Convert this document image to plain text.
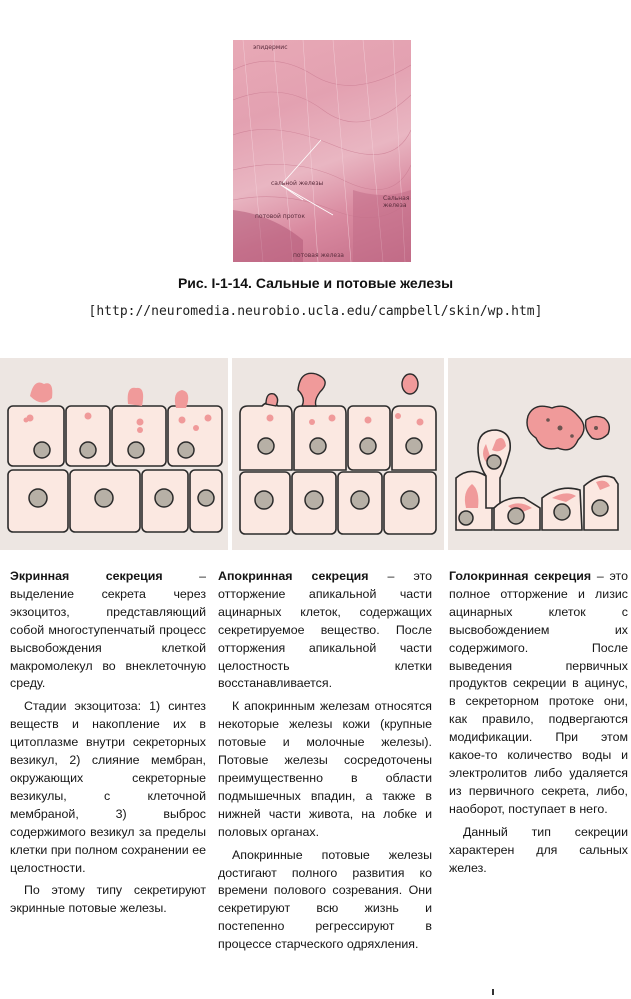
эпидермис
сальной железы
потовой проток
потовая железа
Сальная железа
Рис. I-1-14. Сальные и потовые железы
[http://neuromedia.neurobio.ucla.edu/campbell/skin/wp.htm]

Экринная секреция – выделение секрета через экзоцитоз, представляющий собой многоступенчатый процесс высвобождения клеткой макромолекул во внеклеточную среду.

Стадии экзоцитоза: 1) синтез веществ и накопление их в цитоплазме внутри секреторных везикул, 2) слияние мембран, окружающих секреторные везикулы, с клеточной мембраной, 3) выброс содержимого везикул за пределы клетки при полном сохранении ее целостности.

По этому типу секретируют экринные потовые железы.

Апокринная секреция – это отторжение апикальной части ацинарных клеток, содержащих секретируемое вещество. После отторжения апикальной части целостность клетки восстанавливается.

К апокринным железам относятся некоторые железы кожи (крупные потовые и молочные железы). Потовые железы сосредоточены преимущественно в области подмышечных впадин, а также в нижней части живота, на лобке и половых органах.

Апокринные потовые железы достигают полного развития ко времени полового созревания. Они секретируют всю жизнь и постепенно регрессируют в процессе старческого одряхления.

Голокринная секреция – это полное отторжение и лизис ацинарных клеток с высвобождением их содержимого. После выведения первичных продуктов секреции в ацинус, в секреторном протоке они, как правило, подвергаются модификации. При этом какое-то количество воды и электролитов либо удаляется из первичного секрета, либо, наоборот, поступает в него.

Данный тип секреции характерен для сальных желез.
